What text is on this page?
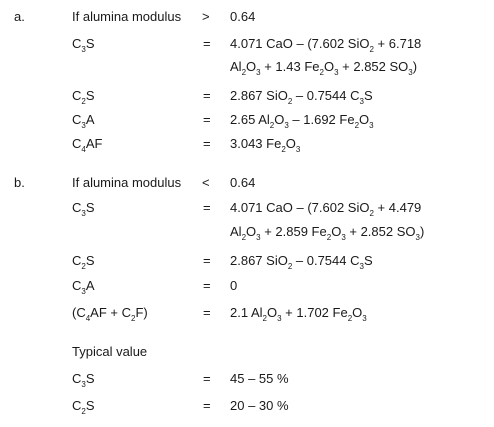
a.	If alumina modulus > 0.64
$C_3S$	= 4.071 CaO – (7.602 SiO$_2$ + 6.718
$Al_2O_3 + 1.43$ $Fe_2O_3 + 2.852$ $SO_3$)
$C_2S$	= 2.867 SiO$_2$ – 0.7544 $C_3S$
$C_3A$	= 2.65 $Al_2O_3 - 1.692$ $Fe_2O_3$
$C_4AF$	= 3.043 $Fe_2O_3$
b.	If alumina modulus < 0.64
$C_3S$	= 4.071 CaO – (7.602 SiO$_2$ + 4.479
$Al_2O_3 + 2.859$ $Fe_2O_3 + 2.852$ $SO_3$)
$C_2S$	= 2.867 SiO$_2$ – 0.7544 $C_3S$
$C_3A$	= 0
$(C_4AF + C_2F)$	= 2.1 $Al_2O_3 + 1.702$ $Fe_2O_3$
Typical value
$C_3S$	= 45 – 55 %
$C_2S$	= 20 – 30 %
